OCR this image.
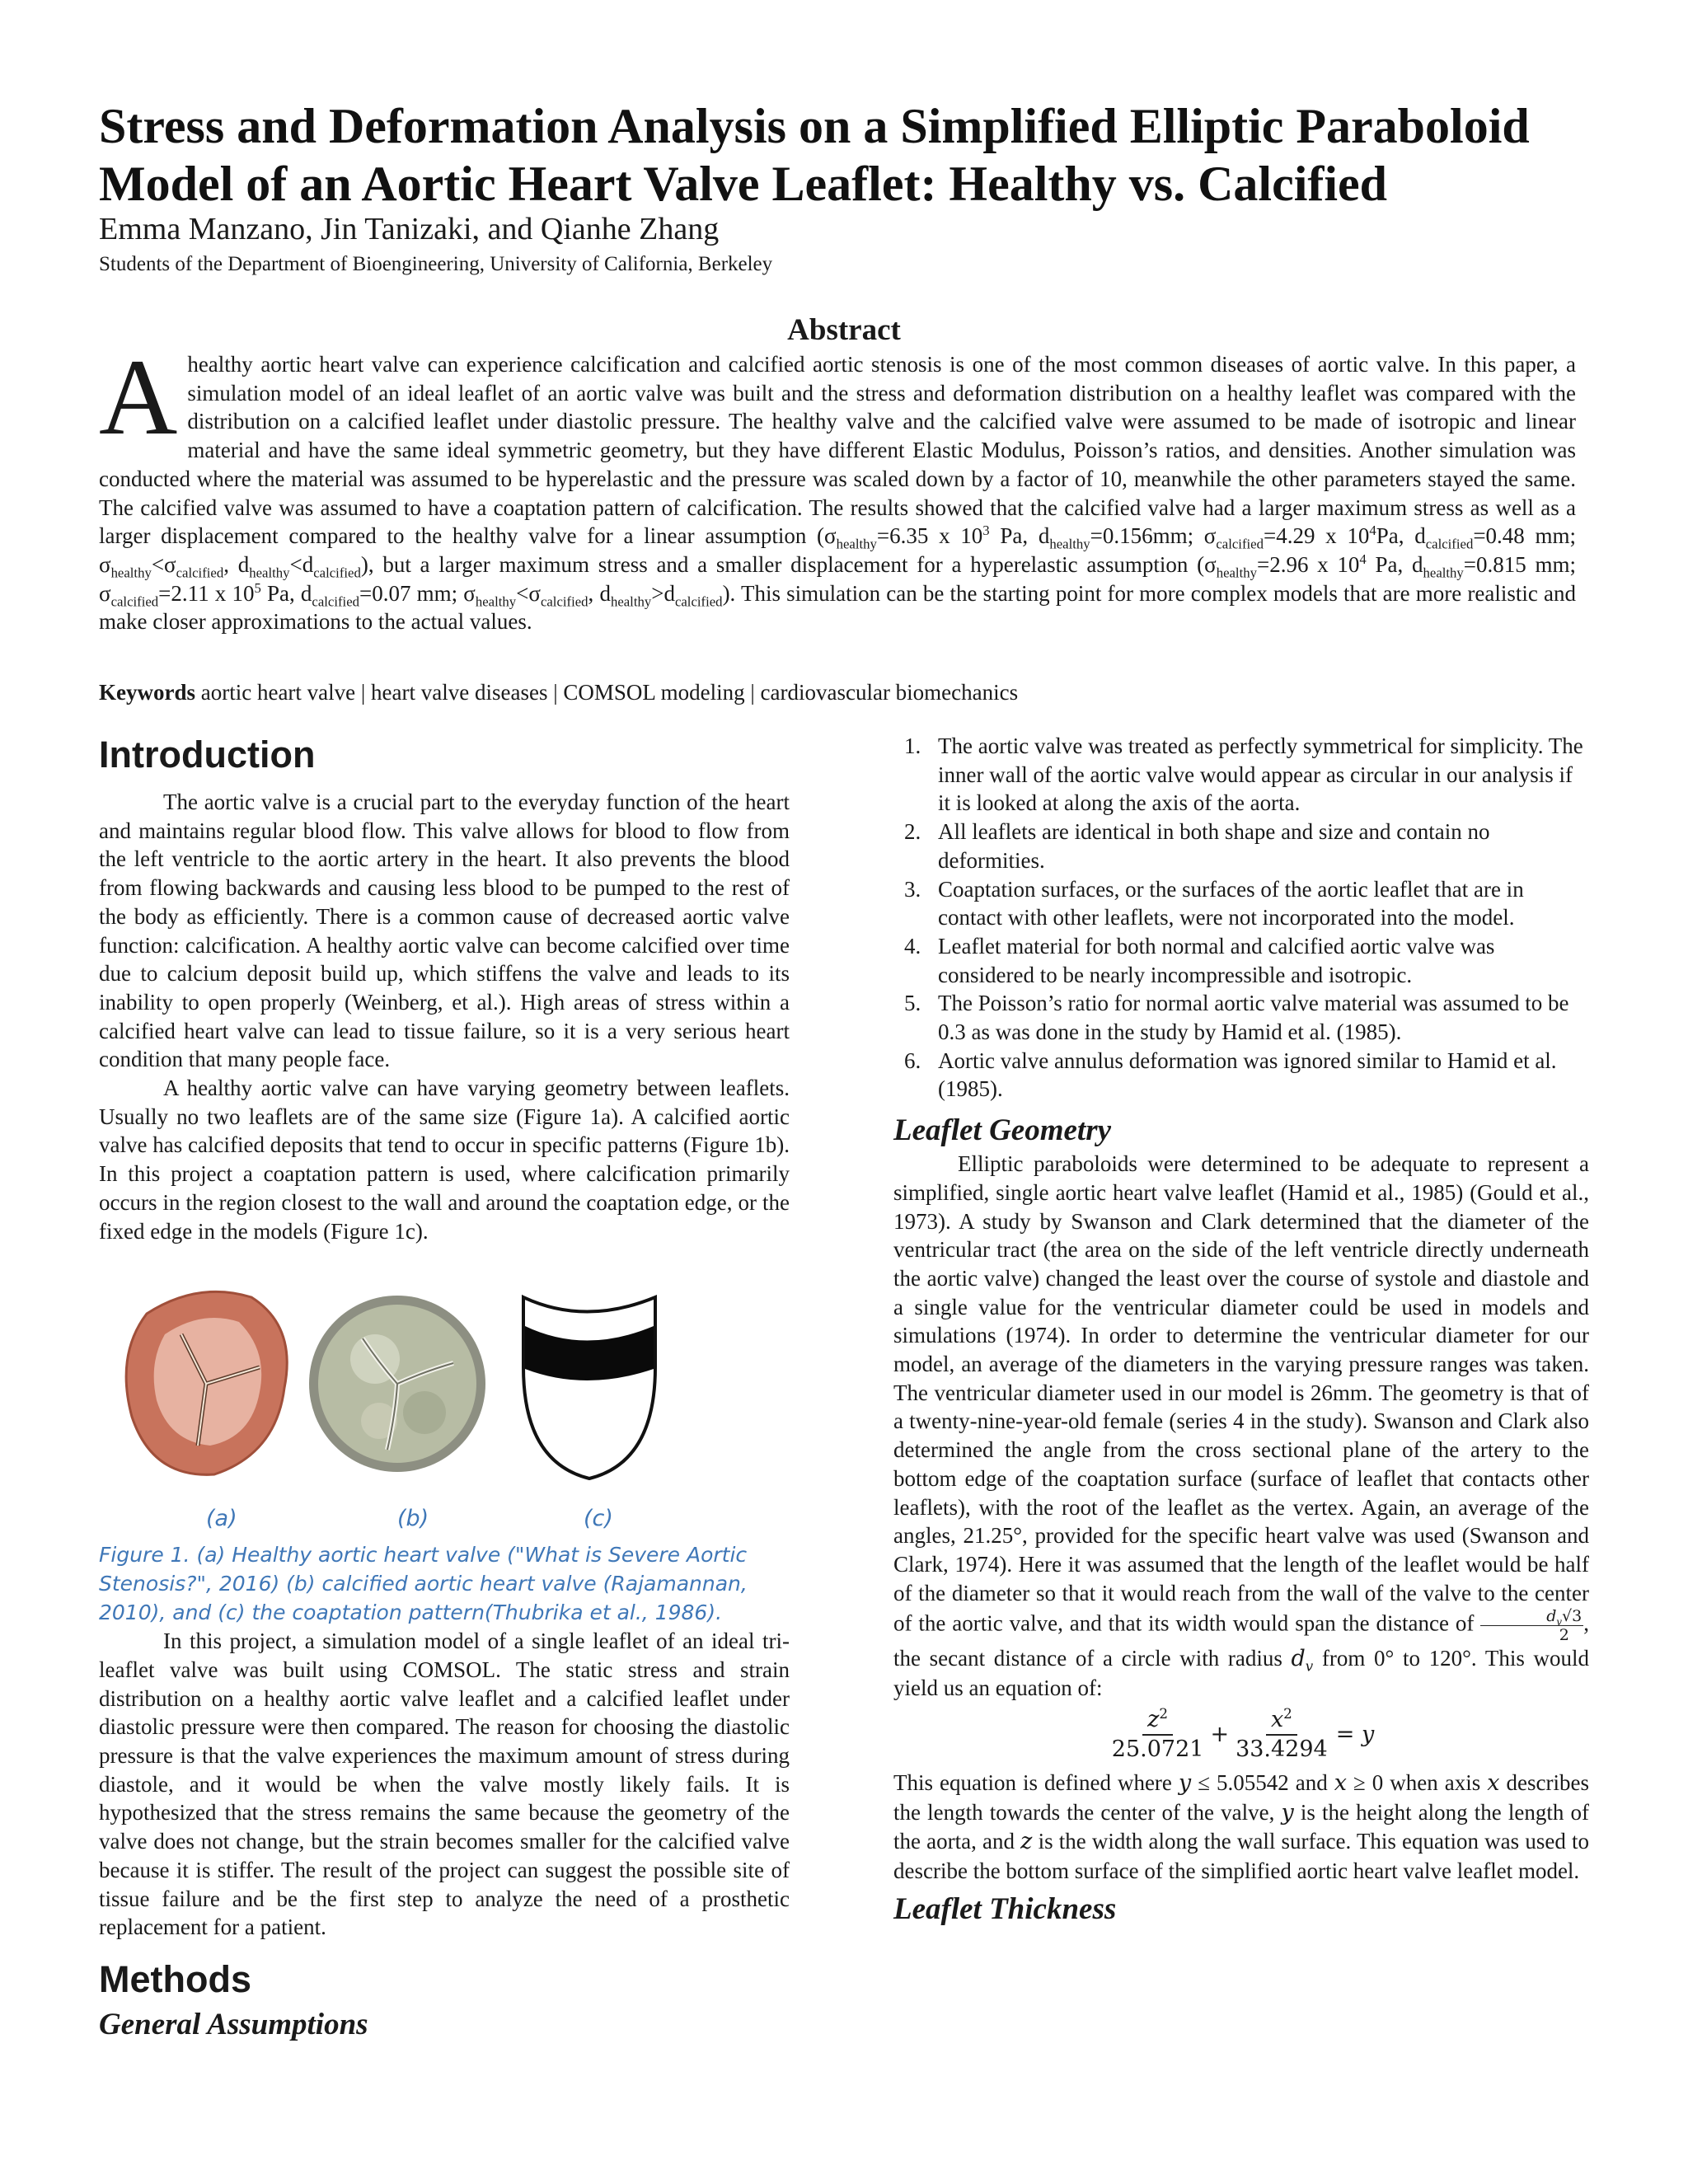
Stress and Deformation Analysis on a Simplified Elliptic Paraboloid Model of an Aortic Heart Valve Leaflet: Healthy vs. Calcified
Emma Manzano, Jin Tanizaki, and Qianhe Zhang
Students of the Department of Bioengineering, University of California, Berkeley
Abstract

A healthy aortic heart valve can experience calcification and calcified aortic stenosis is one of the most common diseases of aortic valve. In this paper, a simulation model of an ideal leaflet of an aortic valve was built and the stress and deformation distribution on a healthy leaflet was compared with the distribution on a calcified leaflet under diastolic pressure. The healthy valve and the calcified valve were assumed to be made of isotropic and linear material and have the same ideal symmetric geometry, but they have different Elastic Modulus, Poisson’s ratios, and densities. Another simulation was conducted where the material was assumed to be hyperelastic and the pressure was scaled down by a factor of 10, meanwhile the other parameters stayed the same. The calcified valve was assumed to have a coaptation pattern of calcification. The results showed that the calcified valve had a larger maximum stress as well as a larger displacement compared to the healthy valve for a linear assumption ($\sigma_{healthy}=6.35$ x $10^3$ Pa, $d_{healthy}=0.156mm$; $\sigma_{calcified}=4.29$ x $10^4Pa$, $d_{calcified}=0.48$ mm; $\sigma_{healthy}<\sigma_{calcified}$, $d_{healthy}<d_{calcified}$), but a larger maximum stress and a smaller displacement for a hyperelastic assumption ($\sigma_{healthy}=2.96$ x $10^4$ Pa, $d_{healthy}=0.815$ mm; $\sigma_{calcified}=2.11$ x $10^5$ Pa, $d_{calcified}=0.07$ mm; $\sigma_{healthy}<\sigma_{calcified}$, $d_{healthy}>d_{calcified}$). This simulation can be the starting point for more complex models that are more realistic and make closer approximations to the actual values.

Keywords aortic heart valve | heart valve diseases | COMSOL modeling | cardiovascular biomechanics
Introduction

The aortic valve is a crucial part to the everyday function of the heart and maintains regular blood flow. This valve allows for blood to flow from the left ventricle to the aortic artery in the heart. It also prevents the blood from flowing backwards and causing less blood to be pumped to the rest of the body as efficiently. There is a common cause of decreased aortic valve function: calcification. A healthy aortic valve can become calcified over time due to calcium deposit build up, which stiffens the valve and leads to its inability to open properly (Weinberg, et al.). High areas of stress within a calcified heart valve can lead to tissue failure, so it is a very serious heart condition that many people face.

A healthy aortic valve can have varying geometry between leaflets. Usually no two leaflets are of the same size (Figure 1a). A calcified aortic valve has calcified deposits that tend to occur in specific patterns (Figure 1b). In this project a coaptation pattern is used, where calcification primarily occurs in the region closest to the wall and around the coaptation edge, or the fixed edge in the models (Figure 1c).

(a)	(b)	(c)

Figure 1. (a) Healthy aortic heart valve ("What is Severe Aortic Stenosis?", 2016) (b) calcified aortic heart valve (Rajamannan, 2010), and (c) the coaptation pattern(Thubrika et al., 1986).

In this project, a simulation model of a single leaflet of an ideal tri-leaflet valve was built using COMSOL. The static stress and strain distribution on a healthy aortic valve leaflet and a calcified leaflet under diastolic pressure were then compared. The reason for choosing the diastolic pressure is that the valve experiences the maximum amount of stress during diastole, and it would be when the valve mostly likely fails. It is hypothesized that the stress remains the same because the geometry of the valve does not change, but the strain becomes smaller for the calcified valve because it is stiffer. The result of the project can suggest the possible site of tissue failure and be the first step to analyze the need of a prosthetic replacement for a patient.

Methods
General Assumptions
1. The aortic valve was treated as perfectly symmetrical for simplicity. The inner wall of the aortic valve would appear as circular in our analysis if it is looked at along the axis of the aorta.
2. All leaflets are identical in both shape and size and contain no deformities.
3. Coaptation surfaces, or the surfaces of the aortic leaflet that are in contact with other leaflets, were not incorporated into the model.
4. Leaflet material for both normal and calcified aortic valve was considered to be nearly incompressible and isotropic.
5. The Poisson’s ratio for normal aortic valve material was assumed to be 0.3 as was done in the study by Hamid et al. (1985).
6. Aortic valve annulus deformation was ignored similar to Hamid et al. (1985).
Leaflet Geometry

Elliptic paraboloids were determined to be adequate to represent a simplified, single aortic heart valve leaflet (Hamid et al., 1985) (Gould et al., 1973). A study by Swanson and Clark determined that the diameter of the ventricular tract (the area on the side of the left ventricle directly underneath the aortic valve) changed the least over the course of systole and diastole and a single value for the ventricular diameter could be used in models and simulations (1974). In order to determine the ventricular diameter for our model, an average of the diameters in the varying pressure ranges was taken. The ventricular diameter used in our model is 26mm. The geometry is that of a twenty-nine-year-old female (series 4 in the study). Swanson and Clark also determined the angle from the cross sectional plane of the artery to the bottom edge of the coaptation surface (surface of leaflet that contacts other leaflets), with the root of the leaflet as the vertex. Again, an average of the angles, 21.25°, provided for the specific heart valve was used (Swanson and Clark, 1974). Here it was assumed that the length of the leaflet would be half of the diameter so that it would reach from the wall of the valve to the center of the aortic valve, and that its width would span the distance of $\frac{d_v√3}{2}$ , the secant distance of a circle with radius $d_v$ from 0° to 120°. This would yield us an equation of:

$\frac{z^2}{25.0721} + \frac{x^2}{33.4294} = y$

This equation is defined where y ≤ 5.05542 and x ≥ 0 when axis x describes the length towards the center of the valve, y is the height along the length of the aorta, and z is the width along the wall surface. This equation was used to describe the bottom surface of the simplified aortic heart valve leaflet model.

Leaflet Thickness
